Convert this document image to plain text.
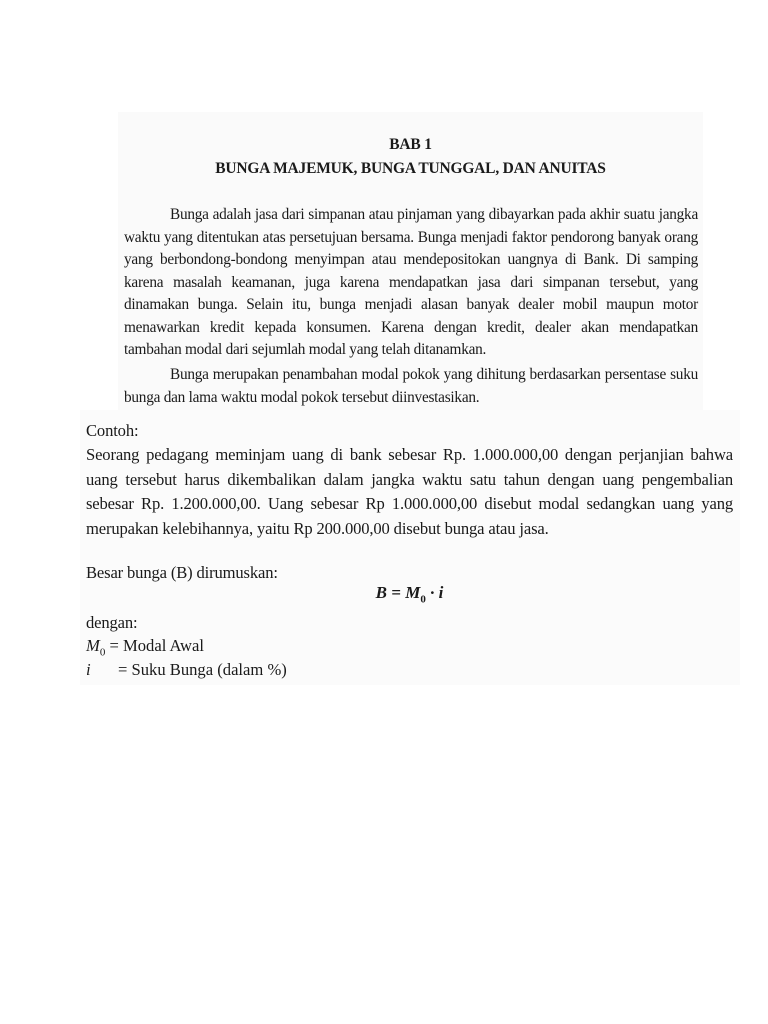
BAB 1
BUNGA MAJEMUK, BUNGA TUNGGAL, DAN ANUITAS

Bunga adalah jasa dari simpanan atau pinjaman yang dibayarkan pada akhir suatu jangka waktu yang ditentukan atas persetujuan bersama. Bunga menjadi faktor pendorong banyak orang yang berbondong-bondong menyimpan atau mendepositokan uangnya di Bank. Di samping karena masalah keamanan, juga karena mendapatkan jasa dari simpanan tersebut, yang dinamakan bunga. Selain itu, bunga menjadi alasan banyak dealer mobil maupun motor menawarkan kredit kepada konsumen. Karena dengan kredit, dealer akan mendapatkan tambahan modal dari sejumlah modal yang telah ditanamkan.

Bunga merupakan penambahan modal pokok yang dihitung berdasarkan persentase suku bunga dan lama waktu modal pokok tersebut diinvestasikan.

Contoh:

Seorang pedagang meminjam uang di bank sebesar Rp. 1.000.000,00 dengan perjanjian bahwa uang tersebut harus dikembalikan dalam jangka waktu satu tahun dengan uang pengembalian sebesar Rp. 1.200.000,00. Uang sebesar Rp 1.000.000,00 disebut modal sedangkan uang yang merupakan kelebihannya, yaitu Rp 200.000,00 disebut bunga atau jasa.

Besar bunga (B) dirumuskan:
$B = M_0 \cdot i$
dengan:
$M_0$ = Modal Awal
i = Suku Bunga (dalam %)
